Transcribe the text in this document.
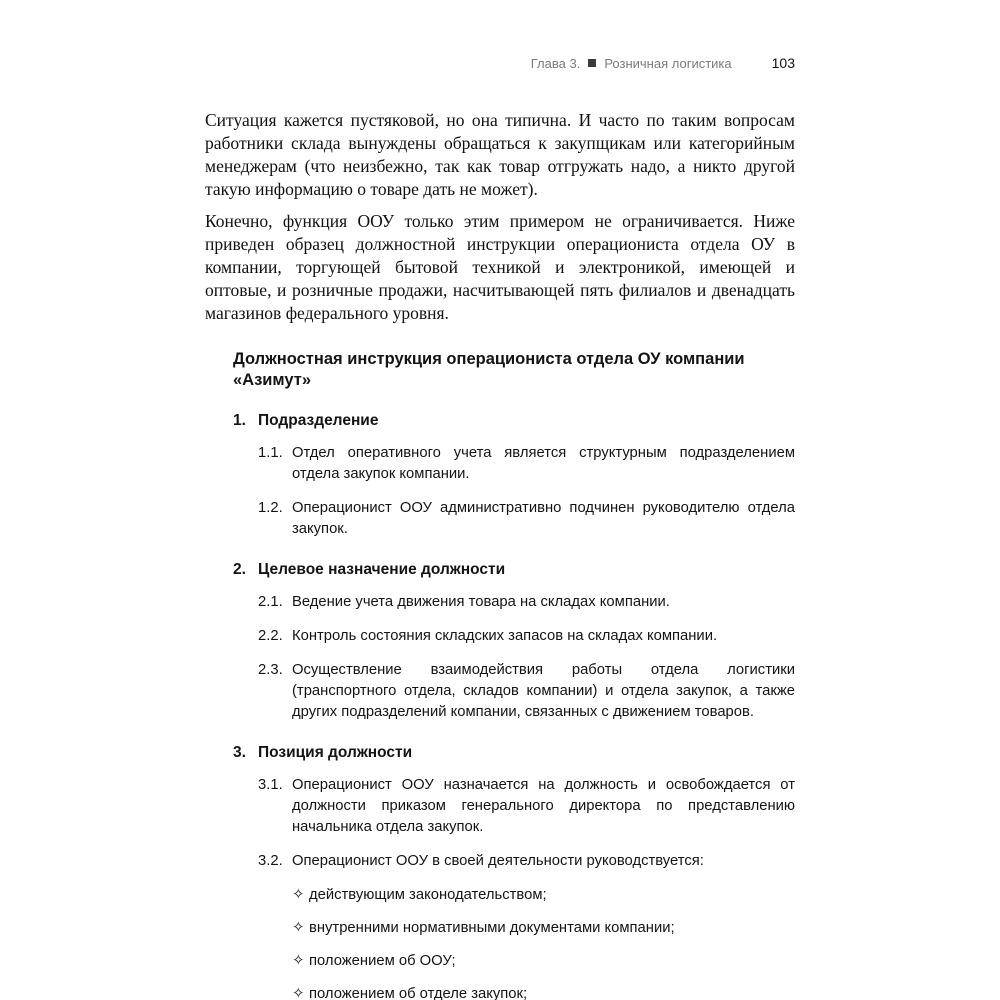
Глава 3. Розничная логистика	103

Ситуация кажется пустяковой, но она типична. И часто по таким вопросам работники склада вынуждены обращаться к закупщикам или категорийным менеджерам (что неизбежно, так как товар отгружать надо, а никто другой такую информацию о товаре дать не может).

Конечно, функция ООУ только этим примером не ограничивается. Ниже приведен образец должностной инструкции операциониста отдела ОУ в компании, торгующей бытовой техникой и электроникой, имеющей и оптовые, и розничные продажи, насчитывающей пять филиалов и двенадцать магазинов федерального уровня.

Должностная инструкция операциониста отдела ОУ компании «Азимут»

1. Подразделение
1.1. Отдел оперативного учета является структурным подразделением отдела закупок компании.
1.2. Операционист ООУ административно подчинен руководителю отдела закупок.
2. Целевое назначение должности
2.1. Ведение учета движения товара на складах компании.
2.2. Контроль состояния складских запасов на складах компании.
2.3. Осуществление взаимодействия работы отдела логистики (транспортного отдела, складов компании) и отдела закупок, а также других подразделений компании, связанных с движением товаров.
3. Позиция должности
3.1. Операционист ООУ назначается на должность и освобождается от должности приказом генерального директора по представлению начальника отдела закупок.
3.2. Операционист ООУ в своей деятельности руководствуется:
✧ действующим законодательством;
✧ внутренними нормативными документами компании;
✧ положением об ООУ;
✧ положением об отделе закупок;
